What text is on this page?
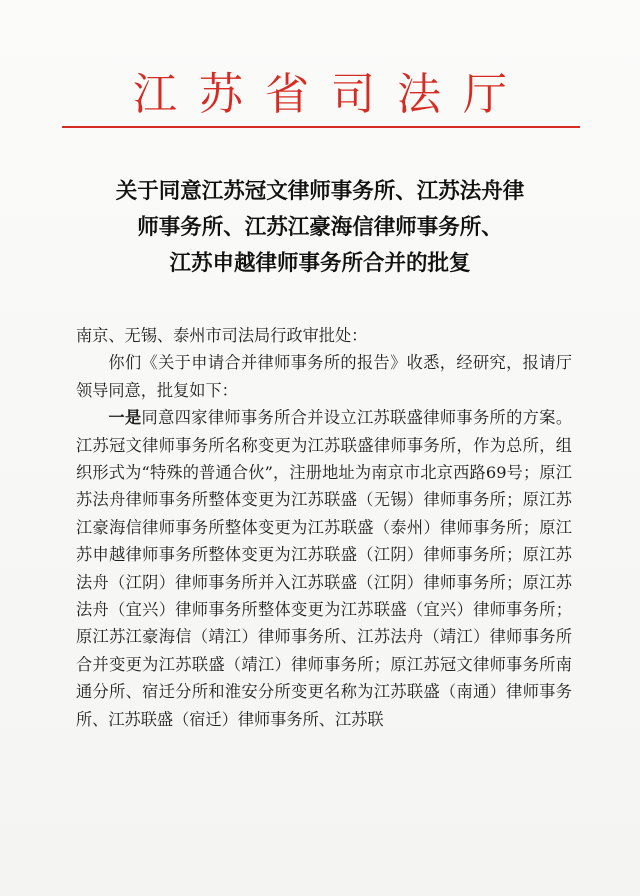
江苏省司法厅
关于同意江苏冠文律师事务所、江苏法舟律
师事务所、江苏江豪海信律师事务所、
江苏申越律师事务所合并的批复

南京、无锡、泰州市司法局行政审批处：

你们《关于申请合并律师事务所的报告》收悉，经研究，报请厅领导同意，批复如下：

一是同意四家律师事务所合并设立江苏联盛律师事务所的方案。江苏冠文律师事务所名称变更为江苏联盛律师事务所，作为总所，组织形式为“特殊的普通合伙”，注册地址为南京市北京西路69号；原江苏法舟律师事务所整体变更为江苏联盛（无锡）律师事务所；原江苏江豪海信律师事务所整体变更为江苏联盛（泰州）律师事务所；原江苏申越律师事务所整体变更为江苏联盛（江阴）律师事务所；原江苏法舟（江阴）律师事务所并入江苏联盛（江阴）律师事务所；原江苏法舟（宜兴）律师事务所整体变更为江苏联盛（宜兴）律师事务所；原江苏江豪海信（靖江）律师事务所、江苏法舟（靖江）律师事务所合并变更为江苏联盛（靖江）律师事务所；原江苏冠文律师事务所南通分所、宿迁分所和淮安分所变更名称为江苏联盛（南通）律师事务所、江苏联盛（宿迁）律师事务所、江苏联
